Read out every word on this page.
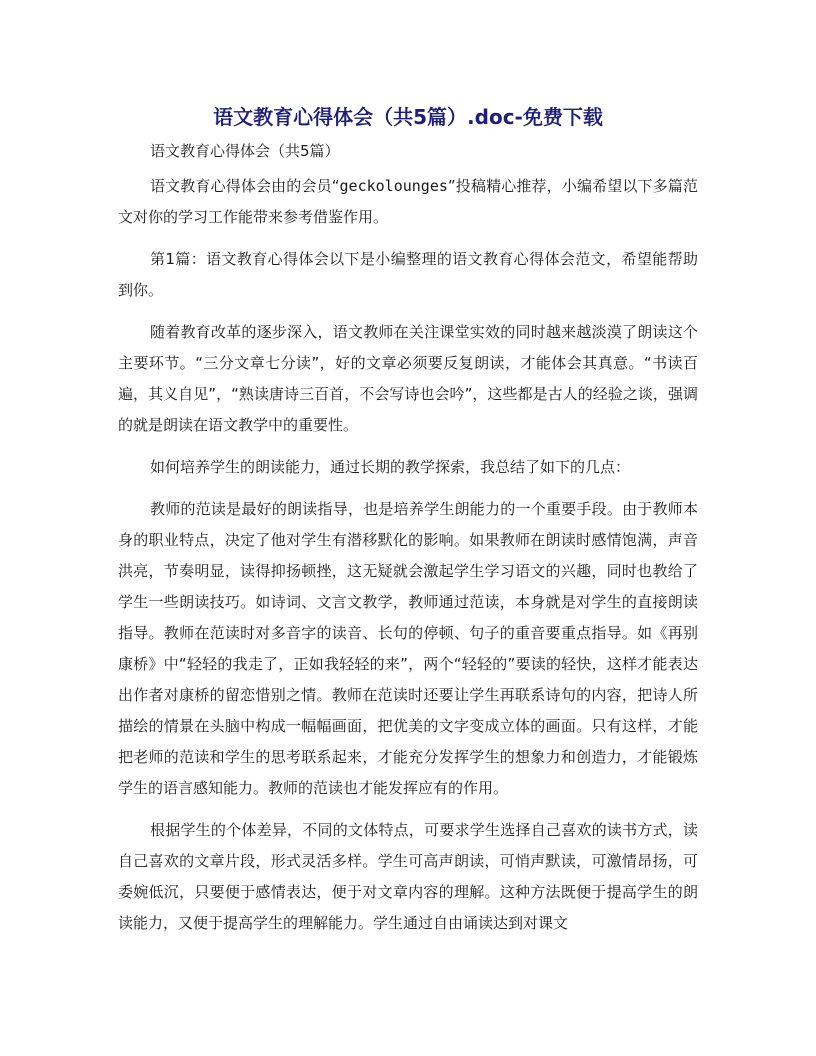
语文教育心得体会（共5篇）.doc-免费下载
语文教育心得体会（共5篇）

语文教育心得体会由的会员“geckolounges”投稿精心推荐，小编希望以下多篇范文对你的学习工作能带来参考借鉴作用。

第1篇：语文教育心得体会以下是小编整理的语文教育心得体会范文，希望能帮助到你。

随着教育改革的逐步深入，语文教师在关注课堂实效的同时越来越淡漠了朗读这个主要环节。“三分文章七分读”，好的文章必须要反复朗读，才能体会其真意。“书读百遍，其义自见”，“熟读唐诗三百首，不会写诗也会吟”，这些都是古人的经验之谈，强调的就是朗读在语文教学中的重要性。

如何培养学生的朗读能力，通过长期的教学探索，我总结了如下的几点：

教师的范读是最好的朗读指导，也是培养学生朗能力的一个重要手段。由于教师本身的职业特点，决定了他对学生有潜移默化的影响。如果教师在朗读时感情饱满，声音洪亮，节奏明显，读得抑扬顿挫，这无疑就会激起学生学习语文的兴趣，同时也教给了学生一些朗读技巧。如诗词、文言文教学，教师通过范读，本身就是对学生的直接朗读指导。教师在范读时对多音字的读音、长句的停顿、句子的重音要重点指导。如《再别康桥》中“轻轻的我走了，正如我轻轻的来”，两个“轻轻的”要读的轻快，这样才能表达出作者对康桥的留恋惜别之情。教师在范读时还要让学生再联系诗句的内容，把诗人所描绘的情景在头脑中构成一幅幅画面，把优美的文字变成立体的画面。只有这样，才能把老师的范读和学生的思考联系起来，才能充分发挥学生的想象力和创造力，才能锻炼学生的语言感知能力。教师的范读也才能发挥应有的作用。

根据学生的个体差异，不同的文体特点，可要求学生选择自己喜欢的读书方式，读自己喜欢的文章片段，形式灵活多样。学生可高声朗读，可悄声默读，可激情昂扬，可委婉低沉，只要便于感情表达，便于对文章内容的理解。这种方法既便于提高学生的朗读能力，又便于提高学生的理解能力。学生通过自由诵读达到对课文
